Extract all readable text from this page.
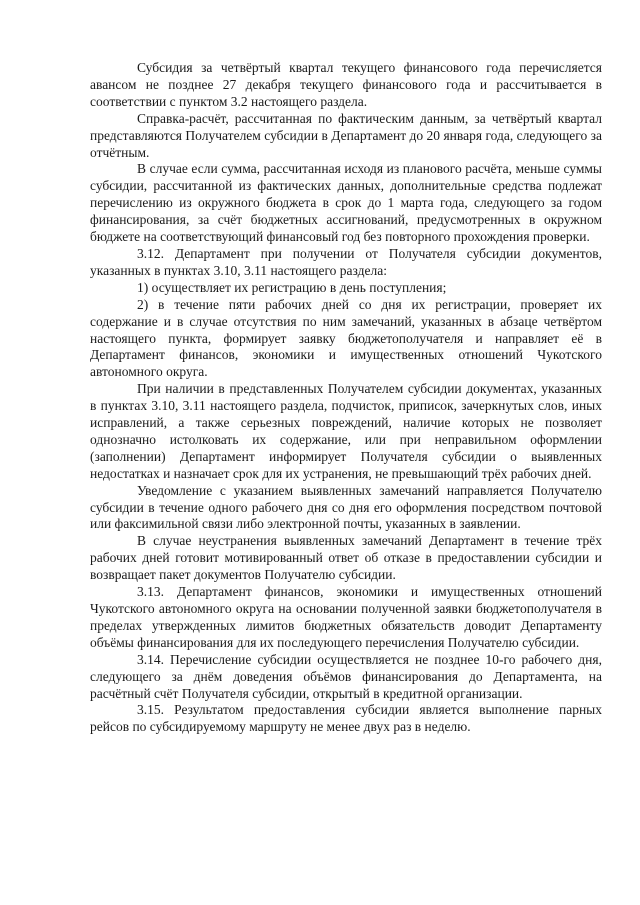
Субсидия за четвёртый квартал текущего финансового года перечисляется авансом не позднее 27 декабря текущего финансового года и рассчитывается в соответствии с пунктом 3.2 настоящего раздела.

Справка-расчёт, рассчитанная по фактическим данным, за четвёртый квартал представляются Получателем субсидии в Департамент до 20 января года, следующего за отчётным.

В случае если сумма, рассчитанная исходя из планового расчёта, меньше суммы субсидии, рассчитанной из фактических данных, дополнительные средства подлежат перечислению из окружного бюджета в срок до 1 марта года, следующего за годом финансирования, за счёт бюджетных ассигнований, предусмотренных в окружном бюджете на соответствующий финансовый год без повторного прохождения проверки.

3.12. Департамент при получении от Получателя субсидии документов, указанных в пунктах 3.10, 3.11 настоящего раздела:

1) осуществляет их регистрацию в день поступления;

2) в течение пяти рабочих дней со дня их регистрации, проверяет их содержание и в случае отсутствия по ним замечаний, указанных в абзаце четвёртом настоящего пункта, формирует заявку бюджетополучателя и направляет её в Департамент финансов, экономики и имущественных отношений Чукотского автономного округа.

При наличии в представленных Получателем субсидии документах, указанных в пунктах 3.10, 3.11 настоящего раздела, подчисток, приписок, зачеркнутых слов, иных исправлений, а также серьезных повреждений, наличие которых не позволяет однозначно истолковать их содержание, или при неправильном оформлении (заполнении) Департамент информирует Получателя субсидии о выявленных недостатках и назначает срок для их устранения, не превышающий трёх рабочих дней.

Уведомление с указанием выявленных замечаний направляется Получателю субсидии в течение одного рабочего дня со дня его оформления посредством почтовой или факсимильной связи либо электронной почты, указанных в заявлении.

В случае неустранения выявленных замечаний Департамент в течение трёх рабочих дней готовит мотивированный ответ об отказе в предоставлении субсидии и возвращает пакет документов Получателю субсидии.

3.13. Департамент финансов, экономики и имущественных отношений Чукотского автономного округа на основании полученной заявки бюджетополучателя в пределах утвержденных лимитов бюджетных обязательств доводит Департаменту объёмы финансирования для их последующего перечисления Получателю субсидии.

3.14. Перечисление субсидии осуществляется не позднее 10-го рабочего дня, следующего за днём доведения объёмов финансирования до Департамента, на расчётный счёт Получателя субсидии, открытый в кредитной организации.

3.15. Результатом предоставления субсидии является выполнение парных рейсов по субсидируемому маршруту не менее двух раз в неделю.
